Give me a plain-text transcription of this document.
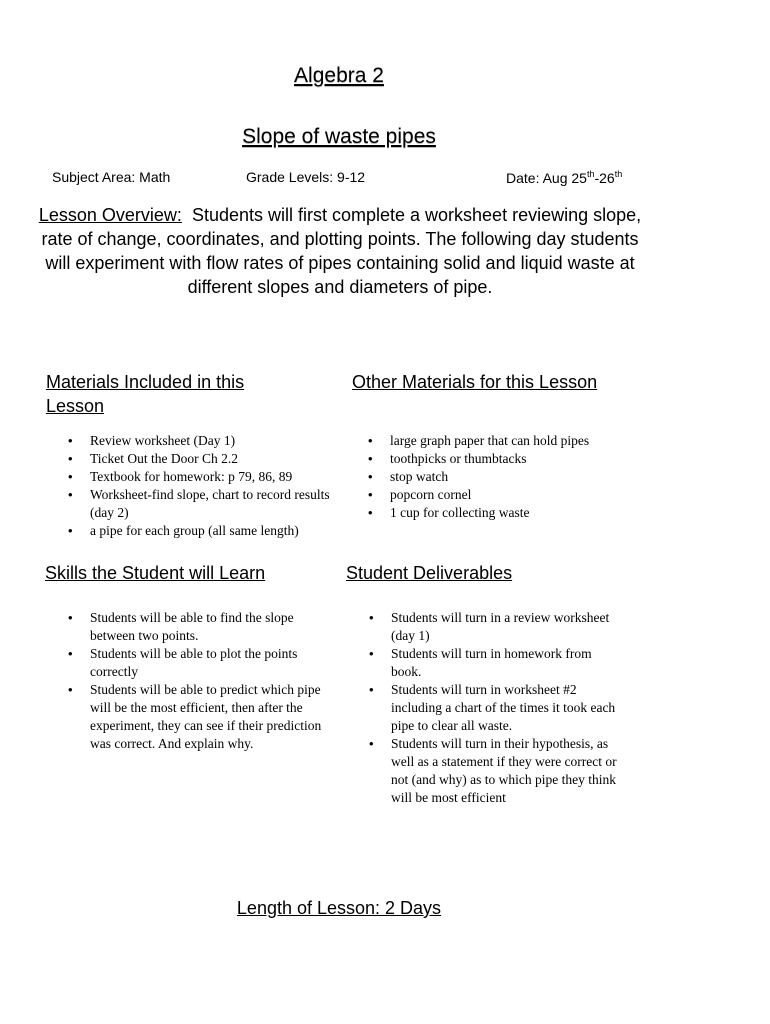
Algebra 2
Slope of waste pipes
Subject Area: Math	Grade Levels: 9-12	Date: Aug 25th-26th
Lesson Overview: Students will first complete a worksheet reviewing slope, rate of change, coordinates, and plotting points. The following day students will experiment with flow rates of pipes containing solid and liquid waste at different slopes and diameters of pipe.
Materials Included in this Lesson
• Review worksheet (Day 1)
• Ticket Out the Door Ch 2.2
• Textbook for homework: p 79, 86, 89
• Worksheet-find slope, chart to record results (day 2)
• a pipe for each group (all same length)
Other Materials for this Lesson
• large graph paper that can hold pipes
• toothpicks or thumbtacks
• stop watch
• popcorn cornel
• 1 cup for collecting waste
Skills the Student will Learn
• Students will be able to find the slope between two points.
• Students will be able to plot the points correctly
• Students will be able to predict which pipe will be the most efficient, then after the experiment, they can see if their prediction was correct. And explain why.
Student Deliverables
• Students will turn in a review worksheet (day 1)
• Students will turn in homework from book.
• Students will turn in worksheet #2 including a chart of the times it took each pipe to clear all waste.
• Students will turn in their hypothesis, as well as a statement if they were correct or not (and why) as to which pipe they think will be most efficient
Length of Lesson: 2 Days
